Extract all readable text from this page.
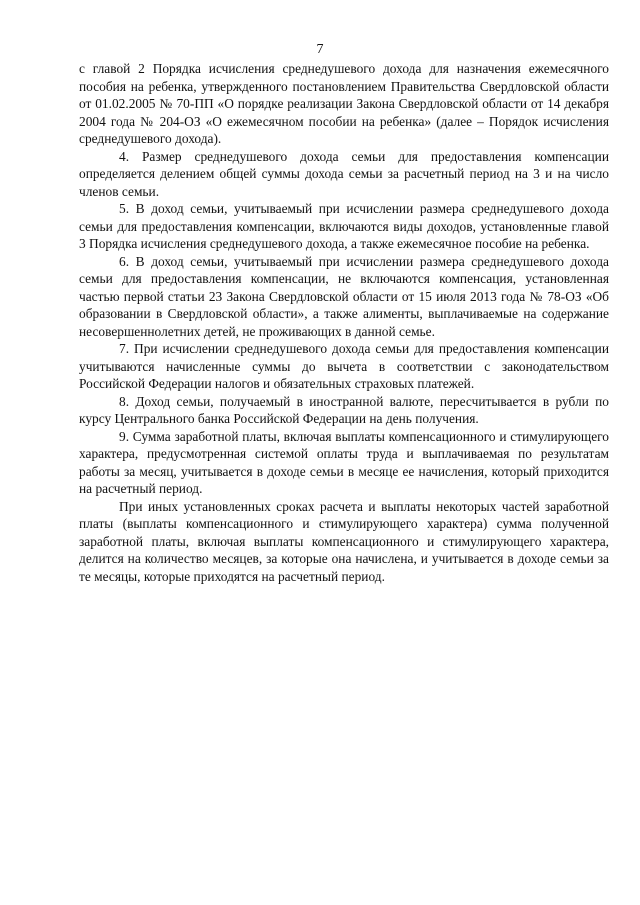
7

с главой 2 Порядка исчисления среднедушевого дохода для назначения ежемесячного пособия на ребенка, утвержденного постановлением Правительства Свердловской области от 01.02.2005 № 70-ПП «О порядке реализации Закона Свердловской области от 14 декабря 2004 года № 204-ОЗ «О ежемесячном пособии на ребенка» (далее – Порядок исчисления среднедушевого дохода).

4. Размер среднедушевого дохода семьи для предоставления компенсации определяется делением общей суммы дохода семьи за расчетный период на 3 и на число членов семьи.

5. В доход семьи, учитываемый при исчислении размера среднедушевого дохода семьи для предоставления компенсации, включаются виды доходов, установленные главой 3 Порядка исчисления среднедушевого дохода, а также ежемесячное пособие на ребенка.

6. В доход семьи, учитываемый при исчислении размера среднедушевого дохода семьи для предоставления компенсации, не включаются компенсация, установленная частью первой статьи 23 Закона Свердловской области от 15 июля 2013 года № 78-ОЗ «Об образовании в Свердловской области», а также алименты, выплачиваемые на содержание несовершеннолетних детей, не проживающих в данной семье.

7. При исчислении среднедушевого дохода семьи для предоставления компенсации учитываются начисленные суммы до вычета в соответствии с законодательством Российской Федерации налогов и обязательных страховых платежей.

8. Доход семьи, получаемый в иностранной валюте, пересчитывается в рубли по курсу Центрального банка Российской Федерации на день получения.

9. Сумма заработной платы, включая выплаты компенсационного и стимулирующего характера, предусмотренная системой оплаты труда и выплачиваемая по результатам работы за месяц, учитывается в доходе семьи в месяце ее начисления, который приходится на расчетный период.

При иных установленных сроках расчета и выплаты некоторых частей заработной платы (выплаты компенсационного и стимулирующего характера) сумма полученной заработной платы, включая выплаты компенсационного и стимулирующего характера, делится на количество месяцев, за которые она начислена, и учитывается в доходе семьи за те месяцы, которые приходятся на расчетный период.
